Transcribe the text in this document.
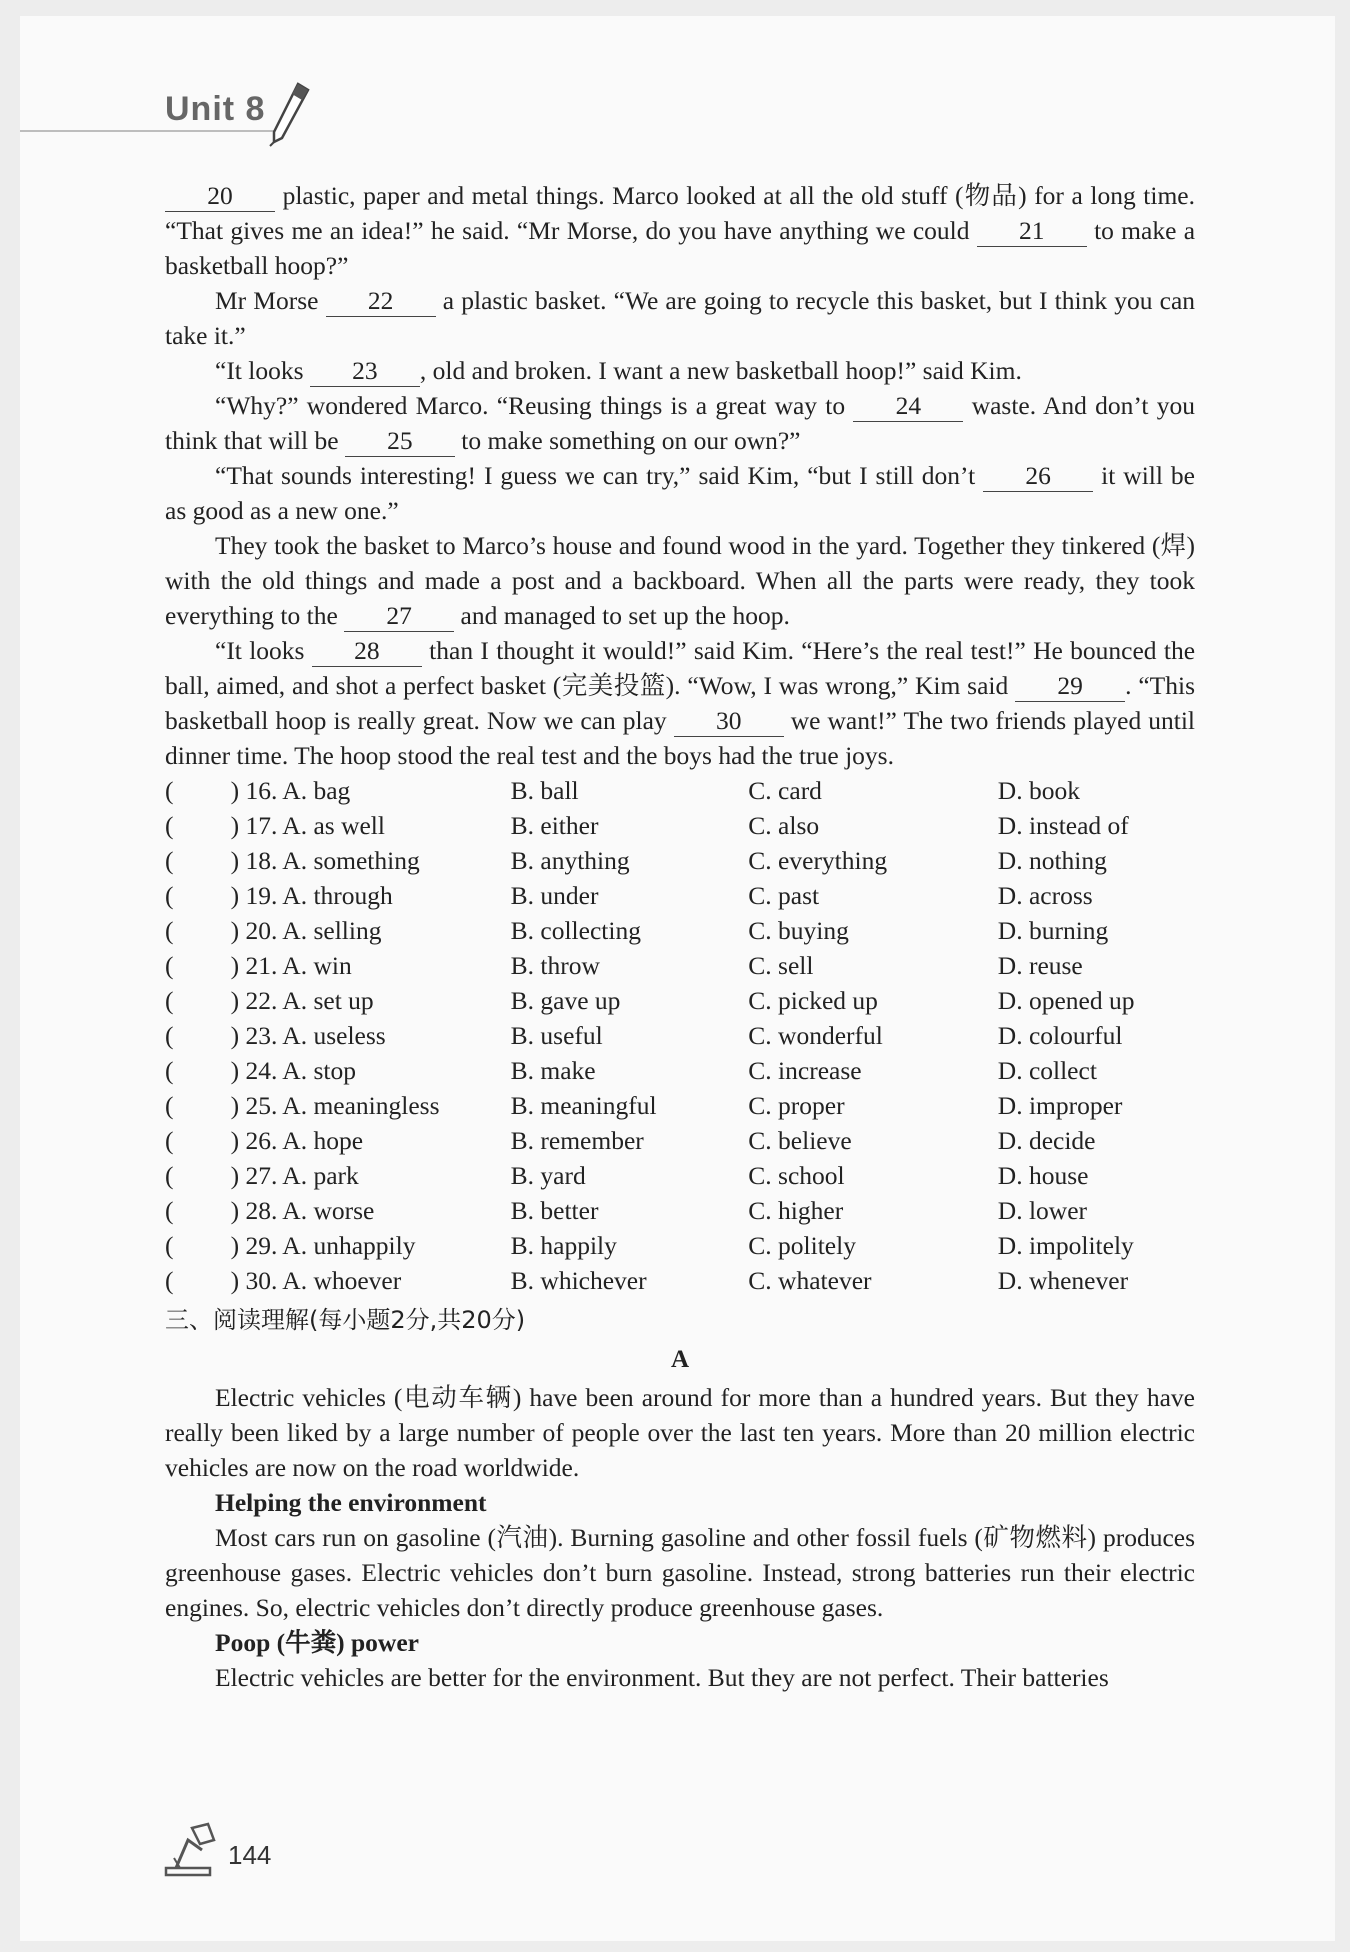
Unit 8

20 plastic, paper and metal things. Marco looked at all the old stuff (物品) for a long time. “That gives me an idea!” he said. “Mr Morse, do you have anything we could 21 to make a basketball hoop?”

Mr Morse 22 a plastic basket. “We are going to recycle this basket, but I think you can take it.”

“It looks 23 , old and broken. I want a new basketball hoop!” said Kim.

“Why?” wondered Marco. “Reusing things is a great way to 24 waste. And don’t you think that will be 25 to make something on our own?”

“That sounds interesting! I guess we can try,” said Kim, “but I still don’t 26 it will be as good as a new one.”

They took the basket to Marco’s house and found wood in the yard. Together they tinkered (焊) with the old things and made a post and a backboard. When all the parts were ready, they took everything to the 27 and managed to set up the hoop.

“It looks 28 than I thought it would!” said Kim. “Here’s the real test!” He bounced the ball, aimed, and shot a perfect basket (完美投篮). “Wow, I was wrong,” Kim said 29 . “This basketball hoop is really great. Now we can play 30 we want!” The two friends played until dinner time. The hoop stood the real test and the boys had the true joys.

(	) 16. A. bag	B. ball	C. card	D. book
(	) 17. A. as well	B. either	C. also	D. instead of
(	) 18. A. something	B. anything	C. everything	D. nothing
(	) 19. A. through	B. under	C. past	D. across
(	) 20. A. selling	B. collecting	C. buying	D. burning
(	) 21. A. win	B. throw	C. sell	D. reuse
(	) 22. A. set up	B. gave up	C. picked up	D. opened up
(	) 23. A. useless	B. useful	C. wonderful	D. colourful
(	) 24. A. stop	B. make	C. increase	D. collect
(	) 25. A. meaningless	B. meaningful	C. proper	D. improper
(	) 26. A. hope	B. remember	C. believe	D. decide
(	) 27. A. park	B. yard	C. school	D. house
(	) 28. A. worse	B. better	C. higher	D. lower
(	) 29. A. unhappily	B. happily	C. politely	D. impolitely
(	) 30. A. whoever	B. whichever	C. whatever	D. whenever
三、阅读理解(每小题2分,共20分)
A

Electric vehicles (电动车辆) have been around for more than a hundred years. But they have really been liked by a large number of people over the last ten years. More than 20 million electric vehicles are now on the road worldwide.

Helping the environment

Most cars run on gasoline (汽油). Burning gasoline and other fossil fuels (矿物燃料) produces greenhouse gases. Electric vehicles don’t burn gasoline. Instead, strong batteries run their electric engines. So, electric vehicles don’t directly produce greenhouse gases.

Poop (牛粪) power

Electric vehicles are better for the environment. But they are not perfect. Their batteries

144
